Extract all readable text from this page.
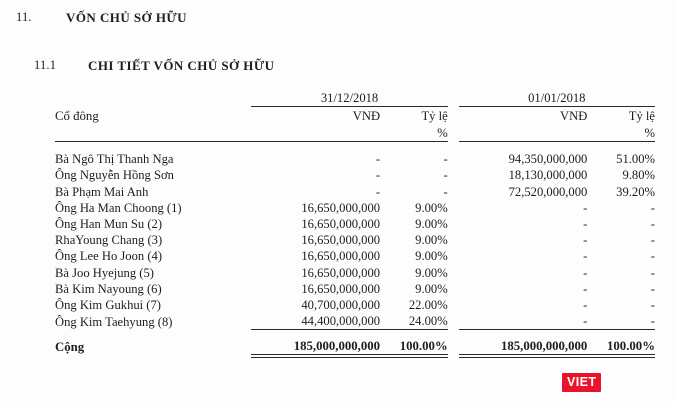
11.	VỐN CHỦ SỞ HỮU
11.1 CHI TIẾT VỐN CHỦ SỞ HỮU
	31/12/2018			01/01/2018	
Cổ đông	VNĐ	Tỷ lệ		VNĐ	Tỷ lệ
		%			%

Bà Ngô Thị Thanh Nga	-	-		94,350,000,000	51.00%
Ông Nguyễn Hồng Sơn	-	-		18,130,000,000	9.80%
Bà Phạm Mai Anh	-	-		72,520,000,000	39.20%
Ông Ha Man Choong (1)	16,650,000,000	9.00%		-	-
Ông Han Mun Su (2)	16,650,000,000	9.00%		-	-
RhaYoung Chang (3)	16,650,000,000	9.00%		-	-
Ông Lee Ho Joon (4)	16,650,000,000	9.00%		-	-
Bà Joo Hyejung (5)	16,650,000,000	9.00%		-	-
Bà Kim Nayoung (6)	16,650,000,000	9.00%		-	-
Ông Kim Gukhui (7)	40,700,000,000	22.00%		-	-
Ông Kim Taehyung (8)	44,400,000,000	24.00%		-	-
Cộng	185,000,000,000	100.00%		185,000,000,000	100.00%
VIET
